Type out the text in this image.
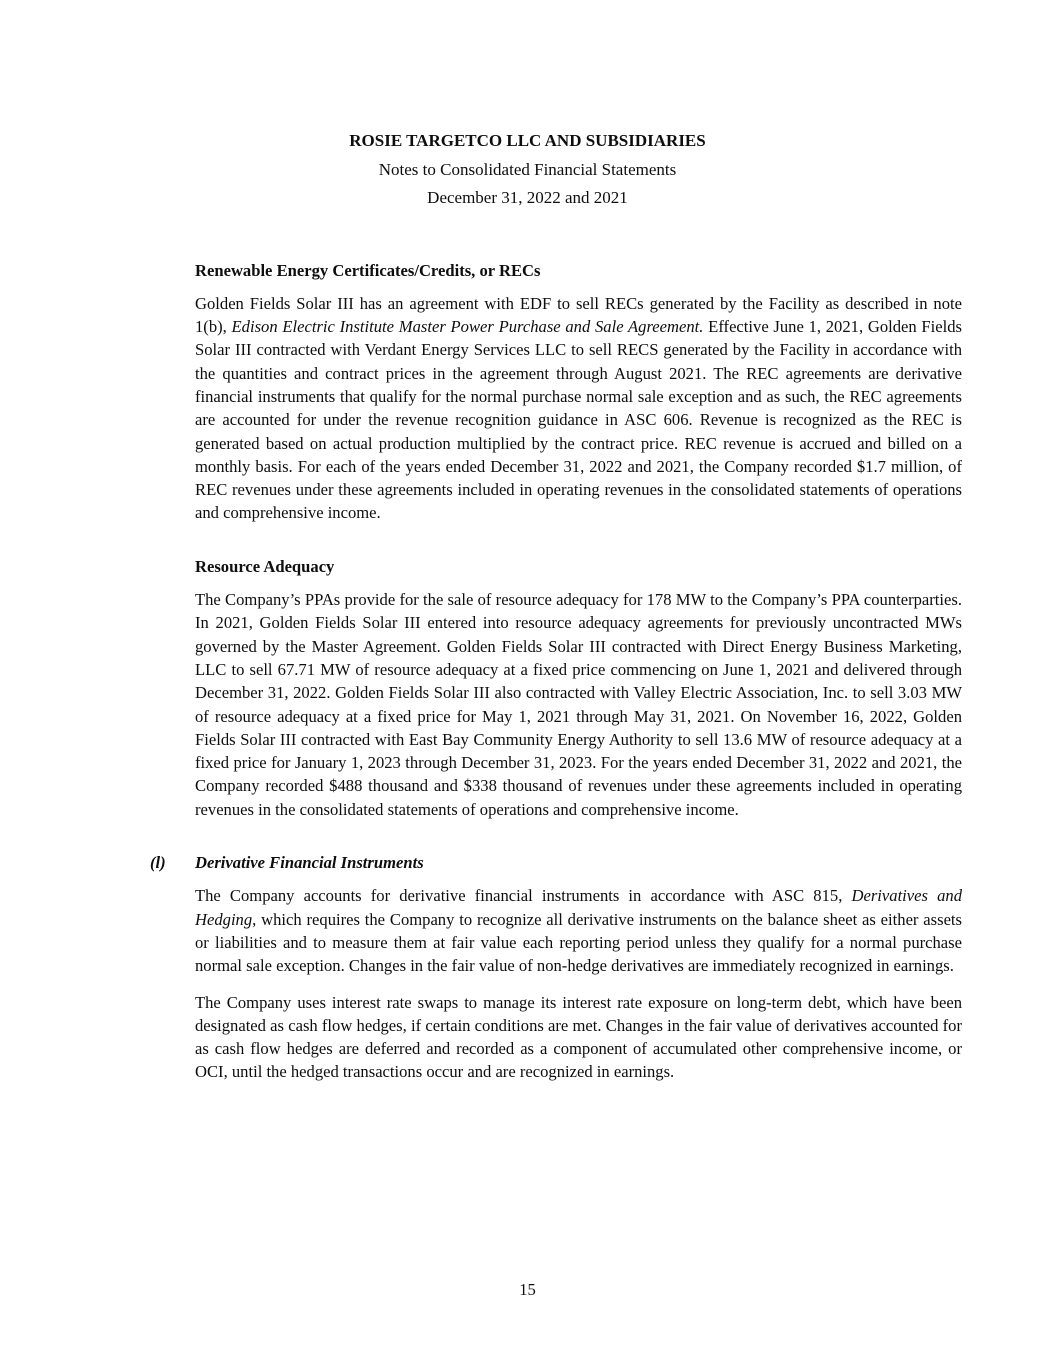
ROSIE TARGETCO LLC AND SUBSIDIARIES
Notes to Consolidated Financial Statements
December 31, 2022 and 2021
Renewable Energy Certificates/Credits, or RECs

Golden Fields Solar III has an agreement with EDF to sell RECs generated by the Facility as described in note 1(b), Edison Electric Institute Master Power Purchase and Sale Agreement. Effective June 1, 2021, Golden Fields Solar III contracted with Verdant Energy Services LLC to sell RECS generated by the Facility in accordance with the quantities and contract prices in the agreement through August 2021. The REC agreements are derivative financial instruments that qualify for the normal purchase normal sale exception and as such, the REC agreements are accounted for under the revenue recognition guidance in ASC 606. Revenue is recognized as the REC is generated based on actual production multiplied by the contract price. REC revenue is accrued and billed on a monthly basis. For each of the years ended December 31, 2022 and 2021, the Company recorded $1.7 million, of REC revenues under these agreements included in operating revenues in the consolidated statements of operations and comprehensive income.

Resource Adequacy

The Company’s PPAs provide for the sale of resource adequacy for 178 MW to the Company’s PPA counterparties. In 2021, Golden Fields Solar III entered into resource adequacy agreements for previously uncontracted MWs governed by the Master Agreement. Golden Fields Solar III contracted with Direct Energy Business Marketing, LLC to sell 67.71 MW of resource adequacy at a fixed price commencing on June 1, 2021 and delivered through December 31, 2022. Golden Fields Solar III also contracted with Valley Electric Association, Inc. to sell 3.03 MW of resource adequacy at a fixed price for May 1, 2021 through May 31, 2021. On November 16, 2022, Golden Fields Solar III contracted with East Bay Community Energy Authority to sell 13.6 MW of resource adequacy at a fixed price for January 1, 2023 through December 31, 2023. For the years ended December 31, 2022 and 2021, the Company recorded $488 thousand and $338 thousand of revenues under these agreements included in operating revenues in the consolidated statements of operations and comprehensive income.

(l) Derivative Financial Instruments

The Company accounts for derivative financial instruments in accordance with ASC 815, Derivatives and Hedging, which requires the Company to recognize all derivative instruments on the balance sheet as either assets or liabilities and to measure them at fair value each reporting period unless they qualify for a normal purchase normal sale exception. Changes in the fair value of non-hedge derivatives are immediately recognized in earnings.

The Company uses interest rate swaps to manage its interest rate exposure on long-term debt, which have been designated as cash flow hedges, if certain conditions are met. Changes in the fair value of derivatives accounted for as cash flow hedges are deferred and recorded as a component of accumulated other comprehensive income, or OCI, until the hedged transactions occur and are recognized in earnings.

15
